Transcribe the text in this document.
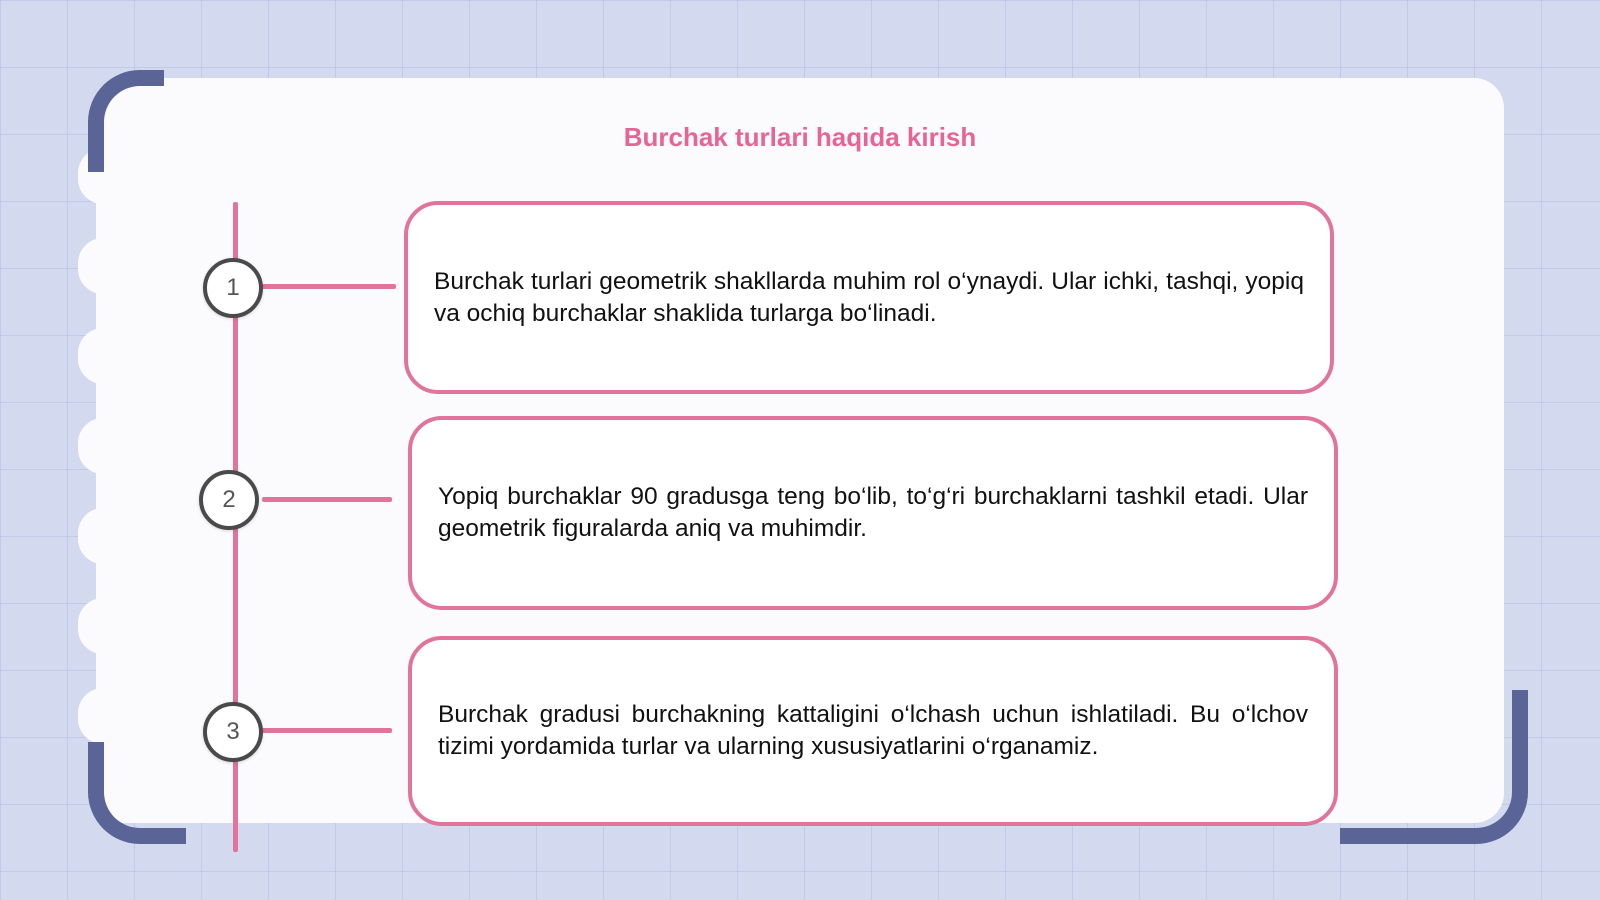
Burchak turlari haqida kirish
1
2
3

Burchak turlari geometrik shakllarda muhim rol o‘ynaydi. Ular ichki, tashqi, yopiq va ochiq burchaklar shaklida turlarga bo‘linadi.

Yopiq burchaklar 90 gradusga teng bo‘lib, to‘g‘ri burchaklarni tashkil etadi. Ular geometrik figuralarda aniq va muhimdir.

Burchak gradusi burchakning kattaligini o‘lchash uchun ishlatiladi. Bu o‘lchov tizimi yordamida turlar va ularning xususiyatlarini o‘rganamiz.
